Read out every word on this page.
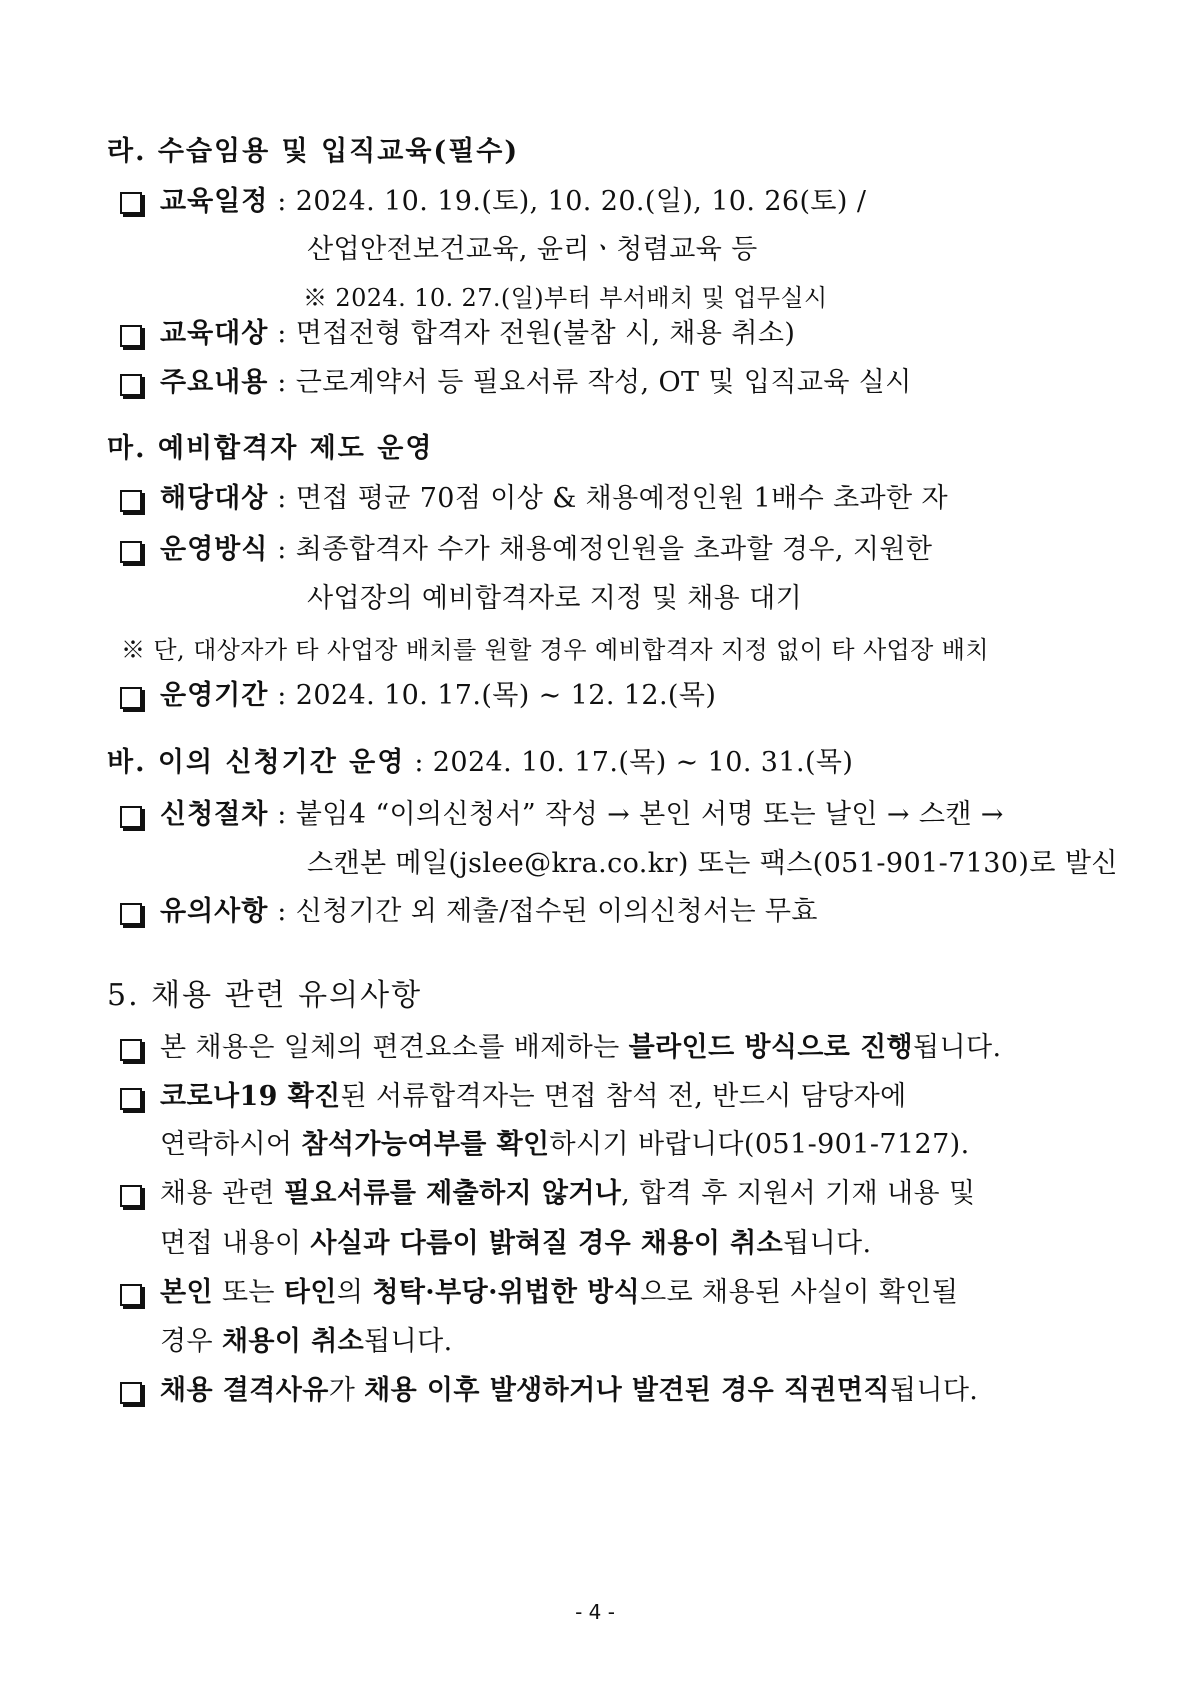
라. 수습임용 및 입직교육(필수)
교육일정 : 2024. 10. 19.(토), 10. 20.(일), 10. 26(토) /
산업안전보건교육, 윤리ㆍ청렴교육 등
※ 2024. 10. 27.(일)부터 부서배치 및 업무실시
교육대상 : 면접전형 합격자 전원(불참 시, 채용 취소)
주요내용 : 근로계약서 등 필요서류 작성, OT 및 입직교육 실시
마. 예비합격자 제도 운영
해당대상 : 면접 평균 70점 이상 & 채용예정인원 1배수 초과한 자
운영방식 : 최종합격자 수가 채용예정인원을 초과할 경우, 지원한
사업장의 예비합격자로 지정 및 채용 대기
※ 단, 대상자가 타 사업장 배치를 원할 경우 예비합격자 지정 없이 타 사업장 배치
운영기간 : 2024. 10. 17.(목) ∼ 12. 12.(목)
바. 이의 신청기간 운영 : 2024. 10. 17.(목) ∼ 10. 31.(목)
신청절차 : 붙임4 “이의신청서” 작성 → 본인 서명 또는 날인 → 스캔 →
스캔본 메일(jslee@kra.co.kr) 또는 팩스(051-901-7130)로 발신
유의사항 : 신청기간 외 제출/접수된 이의신청서는 무효
5. 채용 관련 유의사항
본 채용은 일체의 편견요소를 배제하는 블라인드 방식으로 진행됩니다.
코로나19 확진된 서류합격자는 면접 참석 전, 반드시 담당자에
연락하시어 참석가능여부를 확인하시기 바랍니다(051-901-7127).
채용 관련 필요서류를 제출하지 않거나, 합격 후 지원서 기재 내용 및
면접 내용이 사실과 다름이 밝혀질 경우 채용이 취소됩니다.
본인 또는 타인의 청탁·부당·위법한 방식으로 채용된 사실이 확인될
경우 채용이 취소됩니다.
채용 결격사유가 채용 이후 발생하거나 발견된 경우 직권면직됩니다.
- 4 -
